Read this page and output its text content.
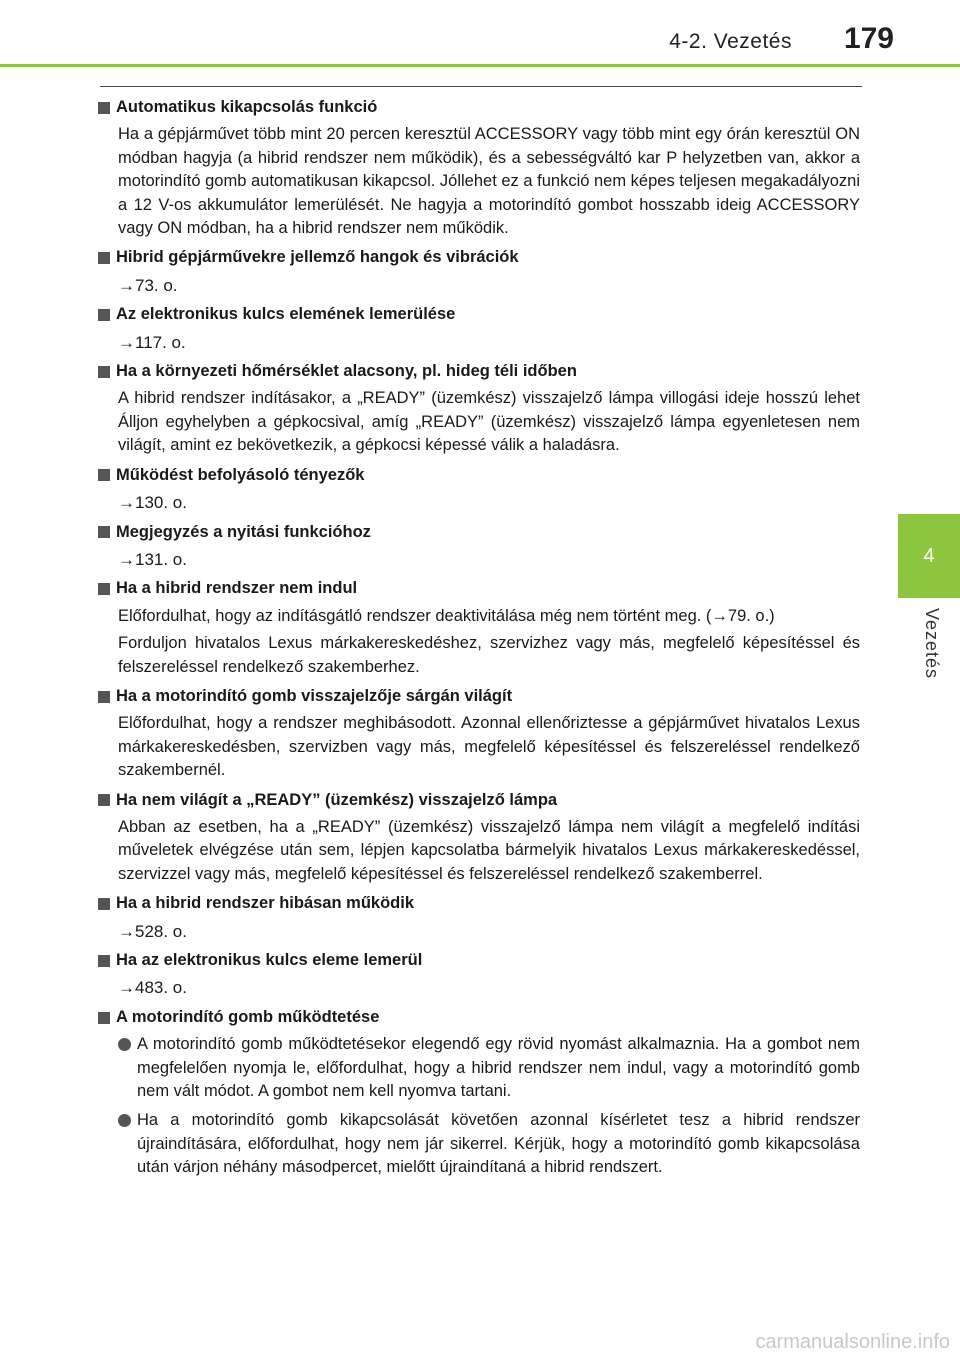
4-2. Vezetés 179
4
Vezetés
Automatikus kikapcsolás funkció
Ha a gépjárművet több mint 20 percen keresztül ACCESSORY vagy több mint egy órán keresztül ON módban hagyja (a hibrid rendszer nem működik), és a sebességváltó kar P helyzetben van, akkor a motorindító gomb automatikusan kikapcsol. Jóllehet ez a funkció nem képes teljesen megakadályozni a 12 V-os akkumulátor lemerülését. Ne hagyja a motorindító gombot hosszabb ideig ACCESSORY vagy ON módban, ha a hibrid rendszer nem működik.
Hibrid gépjárművekre jellemző hangok és vibrációk
→73. o.
Az elektronikus kulcs elemének lemerülése
→117. o.
Ha a környezeti hőmérséklet alacsony, pl. hideg téli időben
A hibrid rendszer indításakor, a „READY” (üzemkész) visszajelző lámpa villogási ideje hosszú lehet Álljon egyhelyben a gépkocsival, amíg „READY” (üzemkész) visszajelző lámpa egyenletesen nem világít, amint ez bekövetkezik, a gépkocsi képessé válik a haladásra.
Működést befolyásoló tényezők
→130. o.
Megjegyzés a nyitási funkcióhoz
→131. o.
Ha a hibrid rendszer nem indul
Előfordulhat, hogy az indításgátló rendszer deaktivitálása még nem történt meg. (→79. o.)
Forduljon hivatalos Lexus márkakereskedéshez, szervizhez vagy más, megfelelő képesítéssel és felszereléssel rendelkező szakemberhez.
Ha a motorindító gomb visszajelzője sárgán világít
Előfordulhat, hogy a rendszer meghibásodott. Azonnal ellenőriztesse a gépjárművet hivatalos Lexus márkakereskedésben, szervizben vagy más, megfelelő képesítéssel és felszereléssel rendelkező szakembernél.
Ha nem világít a „READY” (üzemkész) visszajelző lámpa
Abban az esetben, ha a „READY” (üzemkész) visszajelző lámpa nem világít a megfelelő indítási műveletek elvégzése után sem, lépjen kapcsolatba bármelyik hivatalos Lexus márkakereskedéssel, szervizzel vagy más, megfelelő képesítéssel és felszereléssel rendelkező szakemberrel.
Ha a hibrid rendszer hibásan működik
→528. o.
Ha az elektronikus kulcs eleme lemerül
→483. o.
A motorindító gomb működtetése
A motorindító gomb működtetésekor elegendő egy rövid nyomást alkalmaznia. Ha a gombot nem megfelelően nyomja le, előfordulhat, hogy a hibrid rendszer nem indul, vagy a motorindító gomb nem vált módot. A gombot nem kell nyomva tartani.
Ha a motorindító gomb kikapcsolását követően azonnal kísérletet tesz a hibrid rendszer újraindítására, előfordulhat, hogy nem jár sikerrel. Kérjük, hogy a motorindító gomb kikapcsolása után várjon néhány másodpercet, mielőtt újraindítaná a hibrid rendszert.
carmanualsonline.info
